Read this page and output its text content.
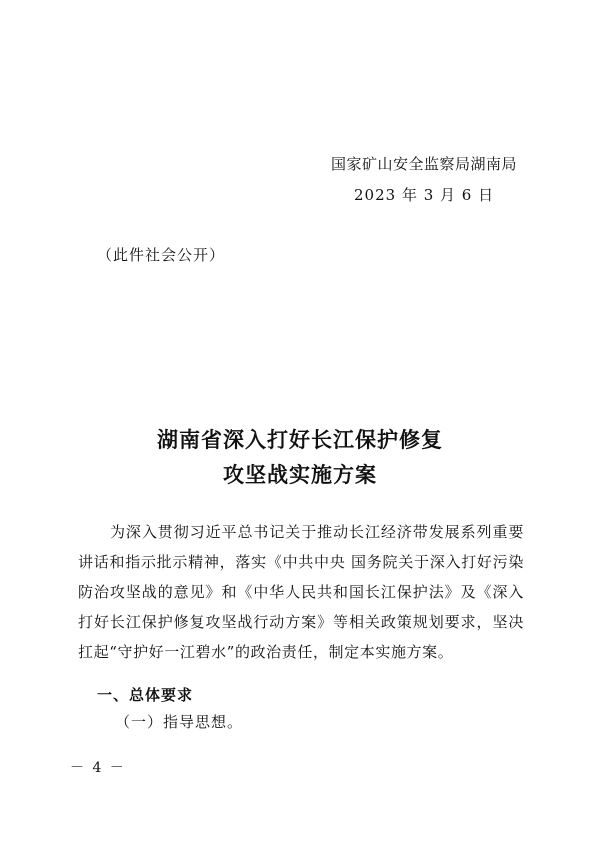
国家矿山安全监察局湖南局
2023 年 3 月 6 日
（此件社会公开）
湖南省深入打好长江保护修复
攻坚战实施方案

为深入贯彻习近平总书记关于推动长江经济带发展系列重要讲话和指示批示精神，落实《中共中央 国务院关于深入打好污染防治攻坚战的意见》和《中华人民共和国长江保护法》及《深入打好长江保护修复攻坚战行动方案》等相关政策规划要求，坚决扛起“守护好一江碧水”的政治责任，制定本实施方案。

一、总体要求
（一）指导思想。
－ 4 －
